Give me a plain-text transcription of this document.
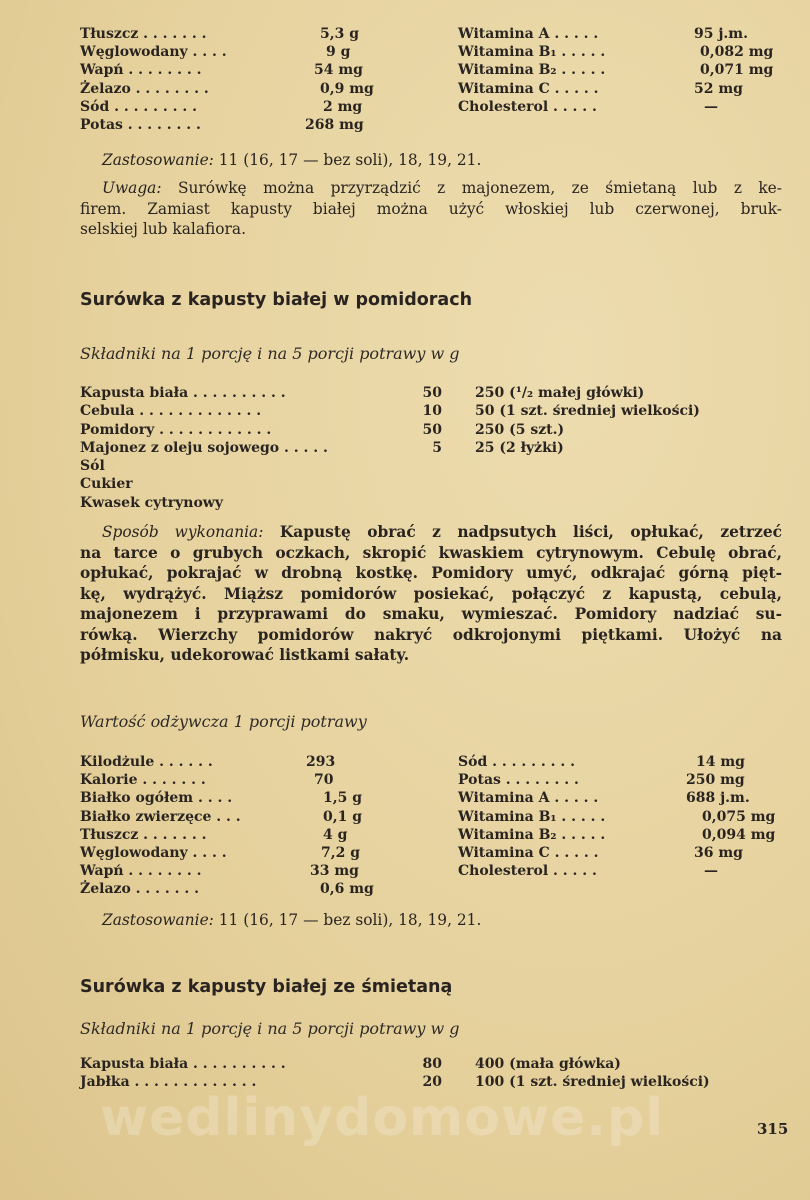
Tłuszcz . . . . . . .	5,3 g
Węglowodany . . . .	9 g
Wapń . . . . . . . .	54 mg
Żelazo . . . . . . . .	0,9 mg
Sód . . . . . . . . .	2 mg
Potas . . . . . . . .	268 mg
Witamina A . . . . .	95 j.m.
Witamina B₁ . . . . .	0,082 mg
Witamina B₂ . . . . .	0,071 mg
Witamina C . . . . .	52 mg
Cholesterol . . . . .	—
Zastosowanie: 11 (16, 17 — bez soli), 18, 19, 21.
Uwaga: Surówkę można przyrządzić z majonezem, ze śmietaną lub z ke-
firem. Zamiast kapusty białej można użyć włoskiej lub czerwonej, bruk-
selskiej lub kalafiora.
Surówka z kapusty białej w pomidorach
Składniki na 1 porcję i na 5 porcji potrawy w g
Kapusta biała . . . . . . . . . .	50 250 (¹/₂ małej główki)
Cebula . . . . . . . . . . . . .	10 50 (1 szt. średniej wielkości)
Pomidory . . . . . . . . . . . .	50 250 (5 szt.)
Majonez z oleju sojowego . . . . .	5 25 (2 łyżki)
Sól
Cukier
Kwasek cytrynowy
Sposób wykonania: Kapustę obrać z nadpsutych liści, opłukać, zetrzeć
na tarce o grubych oczkach, skropić kwaskiem cytrynowym. Cebulę obrać,
opłukać, pokrajać w drobną kostkę. Pomidory umyć, odkrajać górną pięt-
kę, wydrążyć. Miąższ pomidorów posiekać, połączyć z kapustą, cebulą,
majonezem i przyprawami do smaku, wymieszać. Pomidory nadziać su-
rówką. Wierzchy pomidorów nakryć odkrojonymi piętkami. Ułożyć na
półmisku, udekorować listkami sałaty.
Wartość odżywcza 1 porcji potrawy
Kilodżule . . . . . .	293
Kalorie . . . . . . .	70
Białko ogółem . . . .	1,5 g
Białko zwierzęce . . .	0,1 g
Tłuszcz . . . . . . .	4 g
Węglowodany . . . .	7,2 g
Wapń . . . . . . . .	33 mg
Żelazo . . . . . . .	0,6 mg
Sód . . . . . . . . .	14 mg
Potas . . . . . . . .	250 mg
Witamina A . . . . .	688 j.m.
Witamina B₁ . . . . .	0,075 mg
Witamina B₂ . . . . .	0,094 mg
Witamina C . . . . .	36 mg
Cholesterol . . . . .	—
Zastosowanie: 11 (16, 17 — bez soli), 18, 19, 21.
Surówka z kapusty białej ze śmietaną
Składniki na 1 porcję i na 5 porcji potrawy w g
Kapusta biała . . . . . . . . . .	80 400 (mała główka)
Jabłka . . . . . . . . . . . . .	20 100 (1 szt. średniej wielkości)
wedlinydomowe.pl	315
